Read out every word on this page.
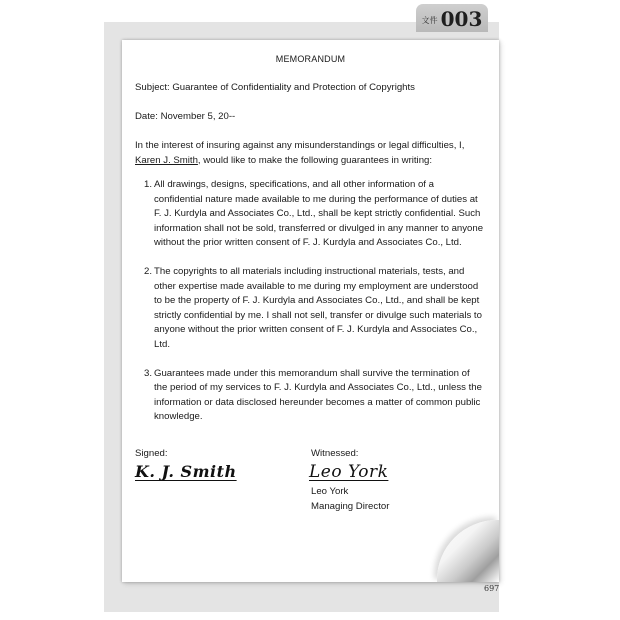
文件 003
MEMORANDUM
Subject: Guarantee of Confidentiality and Protection of Copyrights
Date: November 5, 20--
In the interest of insuring against any misunderstandings or legal difficulties, I,
Karen J. Smith, would like to make the following guarantees in writing:
1. All drawings, designs, specifications, and all other information of a confidential nature made available to me during the performance of duties at F. J. Kurdyla and Associates Co., Ltd., shall be kept strictly confidential. Such information shall not be sold, transferred or divulged in any manner to anyone without the prior written consent of F. J. Kurdyla and Associates Co., Ltd.
2. The copyrights to all materials including instructional materials, tests, and other expertise made available to me during my employment are understood to be the property of F. J. Kurdyla and Associates Co., Ltd., and shall be kept strictly confidential by me. I shall not sell, transfer or divulge such materials to anyone without the prior written consent of F. J. Kurdyla and Associates Co., Ltd.
3. Guarantees made under this memorandum shall survive the termination of the period of my services to F. J. Kurdyla and Associates Co., Ltd., unless the information or data disclosed hereunder becomes a matter of common public knowledge.
Signed:	Witnessed:
K. J. Smith	Leo York
Leo York
Managing Director
697
